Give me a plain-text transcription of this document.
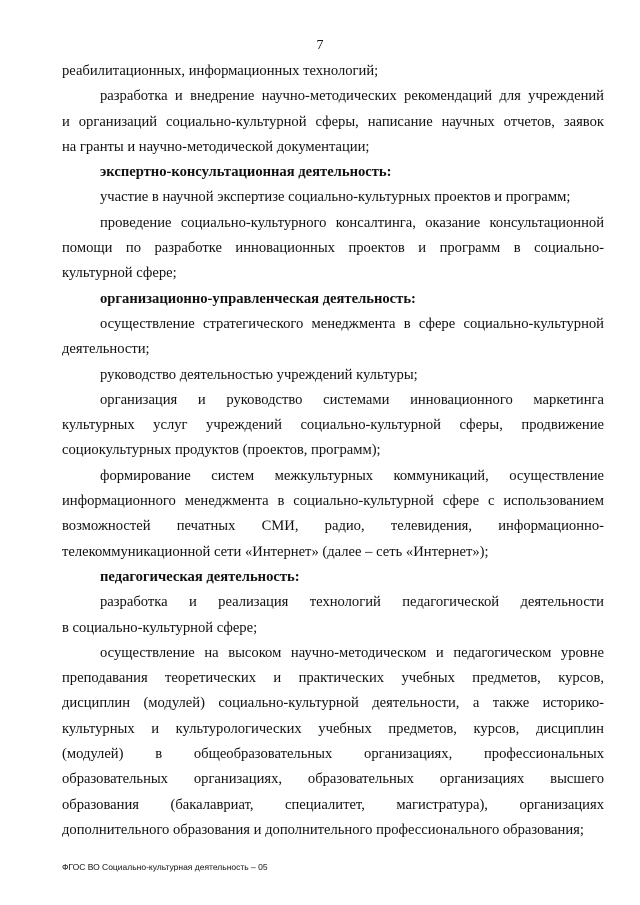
7
реабилитационных, информационных технологий;
разработка и внедрение научно-методических рекомендаций для учреждений
и организаций социально-культурной сферы, написание научных отчетов, заявок
на гранты и научно-методической документации;
экспертно-консультационная деятельность:
участие в научной экспертизе социально-культурных проектов и программ;
проведение социально-культурного консалтинга, оказание консультационной
помощи по разработке инновационных проектов и программ в социально-
культурной сфере;
организационно-управленческая деятельность:
осуществление стратегического менеджмента в сфере социально-культурной
деятельности;
руководство деятельностью учреждений культуры;
организация и руководство системами инновационного маркетинга
культурных услуг учреждений социально-культурной сферы, продвижение
социокультурных продуктов (проектов, программ);
формирование систем межкультурных коммуникаций, осуществление
информационного менеджмента в социально-культурной сфере с использованием
возможностей печатных СМИ, радио, телевидения, информационно-
телекоммуникационной сети «Интернет» (далее – сеть «Интернет»);
педагогическая деятельность:
разработка и реализация технологий педагогической деятельности
в социально-культурной сфере;
осуществление на высоком научно-методическом и педагогическом уровне
преподавания теоретических и практических учебных предметов, курсов,
дисциплин (модулей) социально-культурной деятельности, а также историко-
культурных и культурологических учебных предметов, курсов, дисциплин
(модулей) в общеобразовательных организациях, профессиональных
образовательных организациях, образовательных организациях высшего
образования (бакалавриат, специалитет, магистратура), организациях
дополнительного образования и дополнительного профессионального образования;
ФГОС ВО Социально-культурная деятельность – 05
